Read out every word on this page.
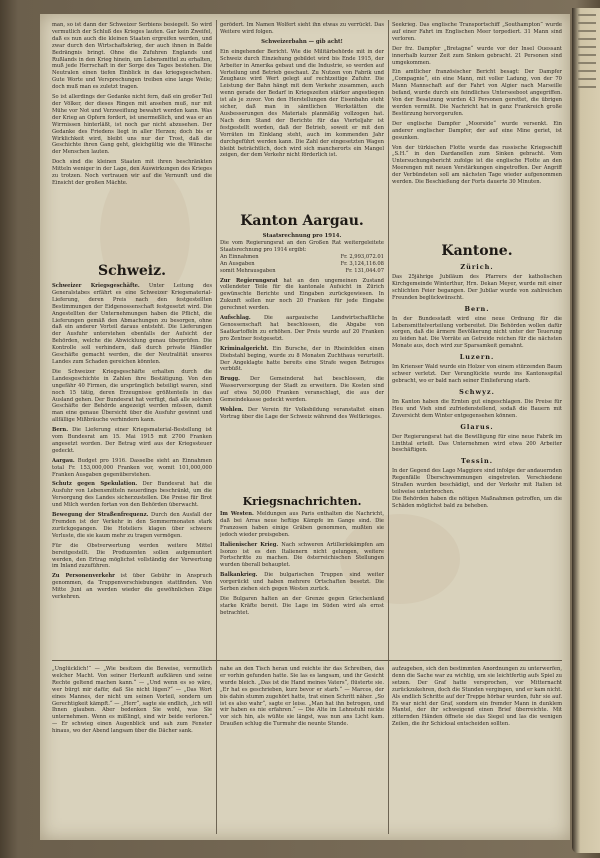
man, so ist dann der Schweizer Serbiens besiegelt. So wird vermutlich der Schluß des Krieges lauten. Gar kein Zweifel, daß es nun auch die kleinen Staaten ergreifen werden, und zwar durch den Wirtschaftskrieg, der auch ihnen in Balde Bedrängnis bringt. Ohne die Zufuhren Englands und Rußlands in den Krieg hinein, um Lebensmittel zu erhalten, muß jede Herrschaft in der Sorge des Tages bestehen. Die Neutralen einen tiefen Einblick in das kriegsgeschehen. Gute Worte und Versprechungen treiben eine lange Weile; doch muß man es zuletzt tragen.

So ist allerdings der Gedanke nicht fern, daß ein großer Teil der Völker, der dieses Ringen mit ansehen muß, nur mit Mühe vor Not und Verzweiflung bewahrt werden kann. Was der Krieg an Opfern fordert, ist unermeßlich, und was er an Wirrnissen hinterläßt, ist noch gar nicht abzusehen. Der Gedanke des Friedens liegt in aller Herzen; doch bis er Wirklichkeit wird, bleibt uns nur der Trost, daß die Geschichte ihren Gang geht, gleichgültig wie die Wünsche der Menschen lauten.

Doch sind die kleinen Staaten mit ihren beschränkten Mitteln weniger in der Lage, den Auswirkungen des Krieges zu trotzen. Noch vertrauen wir auf die Vernunft und die Einsicht der großen Mächte.

gerödert. Im Namen Wolfert sieht ihn etwas zu verrückt. Das Weitere wird folgen.

Schweizerbahn — gib acht!

Ein eingehender Bericht. Wie die Militärbehörde mit in der Schweiz durch Einziehung gebildet wird bis Ende 1915, der Arbeiter in Amerika gebaut und die Industrie, so werden auf Verteilung und Betrieb geschaut. Zu Nutzen von Fabrik und Zeughaus wird Wert gelegt auf rechtzeitige Zufuhr. Die Leistung der Bahn hängt mit dem Verkehr zusammen, auch wenn gerade der Bedarf in Kriegszeiten stärker angestiegen ist als je zuvor. Von den Herstellungen der Eisenbahn steht sicher, daß man in sämtlichen Werkstätten die Ausbesserungen des Materials planmäßig vollzogen hat. Nach dem Stand der Berichte für das Vierteljahr ist festgestellt worden, daß der Betrieb, soweit er mit den Vorräten im Einklang steht, auch im kommenden Jahr durchgeführt werden kann. Die Zahl der eingesetzten Wagen bleibt beträchtlich, doch wird sich mancherorts ein Mangel zeigen, der dem Verkehr nicht förderlich ist.

Seekrieg. Das englische Transportschiff „Southampton“ wurde auf einer Fahrt im Englischen Meer torpediert. 31 Mann sind verloren.

Der frz. Dampfer „Bretagne“ wurde vor der Insel Ouessant innerhalb kurzer Zeit zum Sinken gebracht. 21 Personen sind umgekommen.

Ein amtlicher französischer Bericht besagt: Der Dampfer „Compagnie“, ein eine Mann, mit voller Ladung, von der 70 Mann Mannschaft auf der Fahrt von Algier nach Marseille befand, wurde durch ein feindliches Unterseeboot angegriffen. Von der Besatzung wurden 43 Personen gerettet, die übrigen werden vermißt. Die Nachricht hat in ganz Frankreich große Bestürzung hervorgerufen.

Der englische Dampfer „Moorside“ wurde versenkt. Ein anderer englischer Dampfer, der auf eine Mine geriet, ist gesunken.

Von der türkischen Flotte wurde das russische Kriegsschiff „S.H.“ in den Dardanellen zum Sinken gebracht. Vom Untersuchungsbericht zufolge ist die englische Flotte an den Meerengen mit neuen Verstärkungen eingetroffen. Der Angriff der Verbündeten soll am nächsten Tage wieder aufgenommen werden. Die Beschießung der Forts dauerte 30 Minuten.

Schweiz.

Schweizer Kriegsgeschäfte. Unter Leitung des Generalstabes erfährt es eine Schweizer Kriegsmaterial-Lieferung, deren Preis nach den festgestellten Bestimmungen der Eidgenossenschaft festgesetzt wird. Die Angestellten der Unternehmungen haben die Pflicht, die Lieferungen gemäß den Abmachungen zu besorgen, ohne daß ein anderer Vorteil daraus entsteht. Die Lieferungen der Ausfuhr unterstehen ebenfalls der Aufsicht der Behörden, welche die Abwicklung genau überprüfen. Die Kontrolle soll verhindern, daß durch private Händler Geschäfte gemacht werden, die der Neutralität unseres Landes zum Schaden gereichen könnten.

Die Schweizer Kriegsgeschäfte erhalten durch die Landesgeschichte in Zahlen ihre Bestätigung. Von den ungefähr 40 Firmen, die ursprünglich beteiligt waren, sind noch 15 tätig, deren Erzeugnisse größtenteils in das Ausland gehen. Der Bundesrat hat verfügt, daß alle solchen Geschäfte der Behörde angezeigt werden müssen, damit man eine genaue Übersicht über die Ausfuhr gewinnt und allfällige Mißbräuche verhindern kann.

Bern. Die Lieferung einer Kriegsmaterial-Bestellung ist vom Bundesrat am 15. Mai 1915 mit 2700 Franken angesetzt worden. Der Betrag wird aus der Kriegssteuer gedeckt.

Aargau. Budget pro 1916. Dasselbe sieht an Einnahmen total Fr. 153,000,000 Franken vor, womit 101,000,000 Franken Ausgaben gegenüberstehen.

Schutz gegen Spekulation. Der Bundesrat hat die Ausfuhr von Lebensmitteln neuerdings beschränkt, um die Versorgung des Landes sicherzustellen. Die Preise für Brot und Milch werden fortan von den Behörden überwacht.

Bewegung der Straßenfrequenz. Durch den Ausfall der Fremden ist der Verkehr in den Sommermonaten stark zurückgegangen. Die Hoteliers klagen über schwere Verluste, die sie kaum mehr zu tragen vermögen.

Für die Obstverwertung werden weitere Mittel bereitgestellt. Die Produzenten sollen aufgemuntert werden, den Ertrag möglichst vollständig der Verwertung im Inland zuzuführen.

Zu Personenverkehr ist über Gebühr in Anspruch genommen, da Truppenverschiebungen stattfinden. Von Mitte Juni an werden wieder die gewöhnlichen Züge verkehren.

Kanton Aargau.
Staatsrechnung pro 1914.

Die vom Regierungsrat an den Großen Rat weitergeleitete Staatsrechnung pro 1914 ergibt:

An Einnahmen	Fr. 2,993,072.01
An Ausgaben	Fr. 3,124,116.08
somit Mehrausgaben	Fr. 131,044.07

Zur Regierungsrat hat an den ungemeinen Zustand vollendeter Teile für die kantonale Aufsicht in Zürich gewünschte Berichte und Eingaben zurückgewiesen. In Zukunft sollen nur noch 20 Franken für jede Eingabe gerechnet werden.

Aufschlag.	Die aargauische Landwirtschaftliche Genossenschaft hat beschlossen, die Abgabe von Saatkartoffeln zu erhöhen. Der Preis wurde auf 20 Franken pro Zentner festgesetzt.

Kriminalgericht. Ein Bursche, der in Rheinfelden einen Diebstahl beging, wurde zu 8 Monaten Zuchthaus verurteilt. Der Angeklagte hatte bereits eine Strafe wegen Betruges verbüßt.

Brugg. Der Gemeinderat hat beschlossen, die Wasserversorgung der Stadt zu erweitern. Die Kosten sind auf etwa 50,000 Franken veranschlagt, die aus der Gemeindekasse gedeckt werden.

Wohlen. Der Verein für Volksbildung veranstaltet einen Vortrag über die Lage der Schweiz während des Weltkrieges.

Kriegsnachrichten.

Im Westen. Meldungen aus Paris enthalten die Nachricht, daß bei Arras neue heftige Kämpfe im Gange sind. Die Franzosen haben einige Gräben genommen, mußten sie jedoch wieder preisgeben.

Italienischer Krieg. Nach schweren Artilleriekämpfen am Isonzo ist es den Italienern nicht gelungen, weitere Fortschritte zu machen. Die österreichischen Stellungen wurden überall behauptet.

Balkankrieg. Die bulgarischen Truppen sind weiter vorgerückt und haben mehrere Ortschaften besetzt. Die Serben ziehen sich gegen Westen zurück.

Die Bulgaren halten an der Grenze gegen Griechenland starke Kräfte bereit. Die Lage im Süden wird als ernst betrachtet.

Kantone.
Zürich.

Das 25jährige Jubiläum des Pfarrers der katholischen Kirchgemeinde Winterthur, Hrn. Dekan Meyer, wurde mit einer schlichten Feier begangen. Der Jubilar wurde von zahlreichen Freunden beglückwünscht.

Bern.

In der Bundesstadt wird eine neue Ordnung für die Lebensmittelverteilung vorbereitet. Die Behörden wollen dafür sorgen, daß die ärmere Bevölkerung nicht unter der Teuerung zu leiden hat. Die Vorräte an Getreide reichen für die nächsten Monate aus, doch wird zur Sparsamkeit gemahnt.

Luzern.

Im Krienser Wald wurde ein Holzer von einem stürzenden Baum schwer verletzt. Der Verunglückte wurde ins Kantonsspital gebracht, wo er bald nach seiner Einlieferung starb.

Schwyz.

Im Kanton haben die Ernten gut eingeschlagen. Die Preise für Heu und Vieh sind zufriedenstellend, sodaß die Bauern mit Zuversicht dem Winter entgegensehen können.

Glarus.

Der Regierungsrat hat die Bewilligung für eine neue Fabrik im Linthtal erteilt. Das Unternehmen wird etwa 200 Arbeiter beschäftigen.

Tessin.

In der Gegend des Lago Maggiore sind infolge der andauernden Regenfälle Überschwemmungen eingetreten. Verschiedene Straßen wurden beschädigt, und der Verkehr mit Italien ist teilweise unterbrochen.

Die Behörden haben die nötigen Maßnahmen getroffen, um die Schäden möglichst bald zu beheben.

„Unglücklich!“ — „Wie besitzen die Beweise, vermutlich welcher Macht. Von seiner Herkunft aufklären und seine Rechte geltend machen kann.“ — „Und wenn es so wäre, wer bürgt mir dafür, daß Sie nicht lügen?“ — „Das Wort eines Mannes, der nicht um seinen Vorteil, sondern um Gerechtigkeit kämpft.“ — „Herr“, sagte sie endlich, „ich will Ihnen glauben. Aber bedenken Sie wohl, was Sie unternehmen. Wenn es mißlingt, sind wir beide verloren.“ — Er schwieg einen Augenblick und sah zum Fenster hinaus, wo der Abend langsam über die Dächer sank.

nahe an den Tisch heran und reichte ihr das Schreiben, das er vorhin gefunden hatte. Sie las es langsam, und ihr Gesicht wurde bleich. „Das ist die Hand meines Vaters“, flüsterte sie. „Er hat es geschrieben, kurz bevor er starb.“ — Marcos, der bis dahin stumm zugehört hatte, trat einen Schritt näher. „So ist es also wahr“, sagte er leise. „Man hat ihn betrogen, und wir haben es nie erfahren.“ — Die Alte im Lehnstuhl nickte vor sich hin, als wüßte sie längst, was nun ans Licht kam. Draußen schlug die Turmuhr die neunte Stunde.

aufzugeben, sich den bestimmten Anordnungen zu unterwerfen, denn die Sache war zu wichtig, um sie leichtfertig aufs Spiel zu setzen. Der Graf hatte versprochen, vor Mitternacht zurückzukehren, doch die Stunden vergingen, und er kam nicht. Als endlich Schritte auf der Treppe hörbar wurden, fuhr sie auf. Es war nicht der Graf, sondern ein fremder Mann in dunklem Mantel, der ihr schweigend einen Brief überreichte. Mit zitternden Händen öffnete sie das Siegel und las die wenigen Zeilen, die ihr Schicksal entscheiden sollten.
